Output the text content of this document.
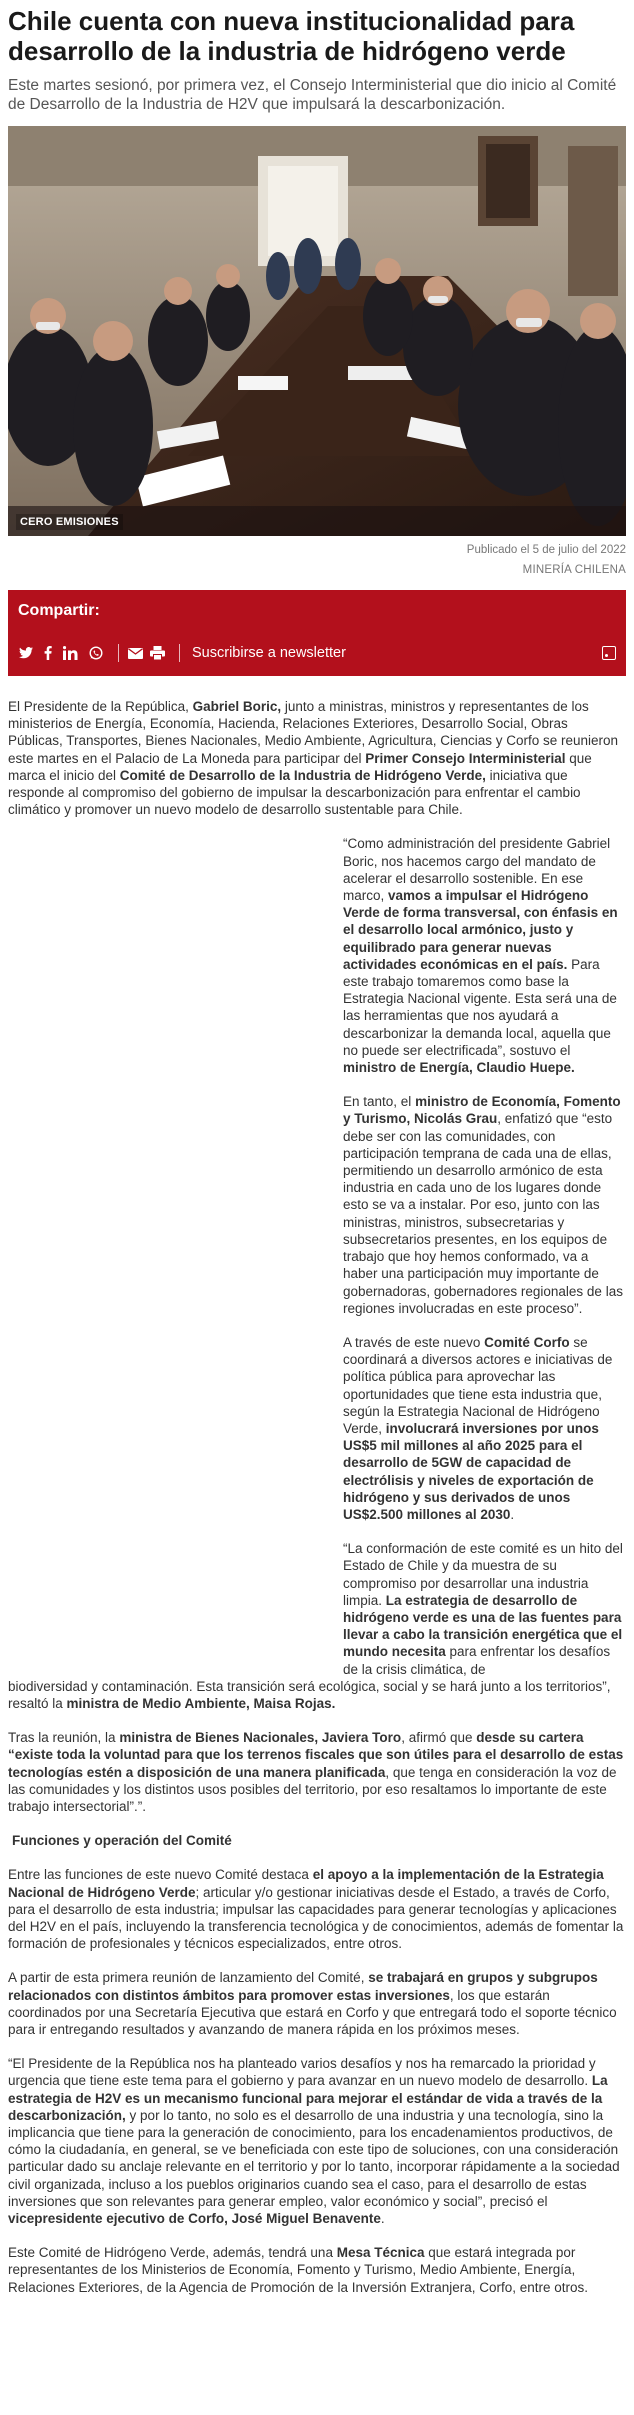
Chile cuenta con nueva institucionalidad para desarrollo de la industria de hidrógeno verde

Este martes sesionó, por primera vez, el Consejo Interministerial que dio inicio al Comité de Desarrollo de la Industria de H2V que impulsará la descarbonización.

CERO EMISIONES
Publicado el 5 de julio del 2022
MINERÍA CHILENA
Compartir:
Suscribirse a newsletter

El Presidente de la República, Gabriel Boric, junto a ministras, ministros y representantes de los ministerios de Energía, Economía, Hacienda, Relaciones Exteriores, Desarrollo Social, Obras Públicas, Transportes, Bienes Nacionales, Medio Ambiente, Agricultura, Ciencias y Corfo se reunieron este martes en el Palacio de La Moneda para participar del Primer Consejo Interministerial que marca el inicio del Comité de Desarrollo de la Industria de Hidrógeno Verde, iniciativa que responde al compromiso del gobierno de impulsar la descarbonización para enfrentar el cambio climático y promover un nuevo modelo de desarrollo sustentable para Chile.

“Como administración del presidente Gabriel Boric, nos hacemos cargo del mandato de acelerar el desarrollo sostenible. En ese marco, vamos a impulsar el Hidrógeno Verde de forma transversal, con énfasis en el desarrollo local armónico, justo y equilibrado para generar nuevas actividades económicas en el país. Para este trabajo tomaremos como base la Estrategia Nacional vigente. Esta será una de las herramientas que nos ayudará a descarbonizar la demanda local, aquella que no puede ser electrificada”, sostuvo el ministro de Energía, Claudio Huepe.

En tanto, el ministro de Economía, Fomento y Turismo, Nicolás Grau, enfatizó que “esto debe ser con las comunidades, con participación temprana de cada una de ellas, permitiendo un desarrollo armónico de esta industria en cada uno de los lugares donde esto se va a instalar. Por eso, junto con las ministras, ministros, subsecretarias y subsecretarios presentes, en los equipos de trabajo que hoy hemos conformado, va a haber una participación muy importante de gobernadoras, gobernadores regionales de las regiones involucradas en este proceso”.

A través de este nuevo Comité Corfo se coordinará a diversos actores e iniciativas de política pública para aprovechar las oportunidades que tiene esta industria que, según la Estrategia Nacional de Hidrógeno Verde, involucrará inversiones por unos US$5 mil millones al año 2025 para el desarrollo de 5GW de capacidad de electrólisis y niveles de exportación de hidrógeno y sus derivados de unos US$2.500 millones al 2030.

“La conformación de este comité es un hito del Estado de Chile y da muestra de su compromiso por desarrollar una industria limpia. La estrategia de desarrollo de hidrógeno verde es una de las fuentes para llevar a cabo la transición energética que el mundo necesita para enfrentar los desafíos de la crisis climática, de

biodiversidad y contaminación. Esta transición será ecológica, social y se hará junto a los territorios”, resaltó la ministra de Medio Ambiente, Maisa Rojas.

Tras la reunión, la ministra de Bienes Nacionales, Javiera Toro, afirmó que desde su cartera “existe toda la voluntad para que los terrenos fiscales que son útiles para el desarrollo de estas tecnologías estén a disposición de una manera planificada, que tenga en consideración la voz de las comunidades y los distintos usos posibles del territorio, por eso resaltamos lo importante de este trabajo intersectorial”.”.

Funciones y operación del Comité

Entre las funciones de este nuevo Comité destaca el apoyo a la implementación de la Estrategia Nacional de Hidrógeno Verde; articular y/o gestionar iniciativas desde el Estado, a través de Corfo, para el desarrollo de esta industria; impulsar las capacidades para generar tecnologías y aplicaciones del H2V en el país, incluyendo la transferencia tecnológica y de conocimientos, además de fomentar la formación de profesionales y técnicos especializados, entre otros.

A partir de esta primera reunión de lanzamiento del Comité, se trabajará en grupos y subgrupos relacionados con distintos ámbitos para promover estas inversiones, los que estarán coordinados por una Secretaría Ejecutiva que estará en Corfo y que entregará todo el soporte técnico para ir entregando resultados y avanzando de manera rápida en los próximos meses.

“El Presidente de la República nos ha planteado varios desafíos y nos ha remarcado la prioridad y urgencia que tiene este tema para el gobierno y para avanzar en un nuevo modelo de desarrollo. La estrategia de H2V es un mecanismo funcional para mejorar el estándar de vida a través de la descarbonización, y por lo tanto, no solo es el desarrollo de una industria y una tecnología, sino la implicancia que tiene para la generación de conocimiento, para los encadenamientos productivos, de cómo la ciudadanía, en general, se ve beneficiada con este tipo de soluciones, con una consideración particular dado su anclaje relevante en el territorio y por lo tanto, incorporar rápidamente a la sociedad civil organizada, incluso a los pueblos originarios cuando sea el caso, para el desarrollo de estas inversiones que son relevantes para generar empleo, valor económico y social”, precisó el vicepresidente ejecutivo de Corfo, José Miguel Benavente.

Este Comité de Hidrógeno Verde, además, tendrá una Mesa Técnica que estará integrada por representantes de los Ministerios de Economía, Fomento y Turismo, Medio Ambiente, Energía, Relaciones Exteriores, de la Agencia de Promoción de la Inversión Extranjera, Corfo, entre otros.
